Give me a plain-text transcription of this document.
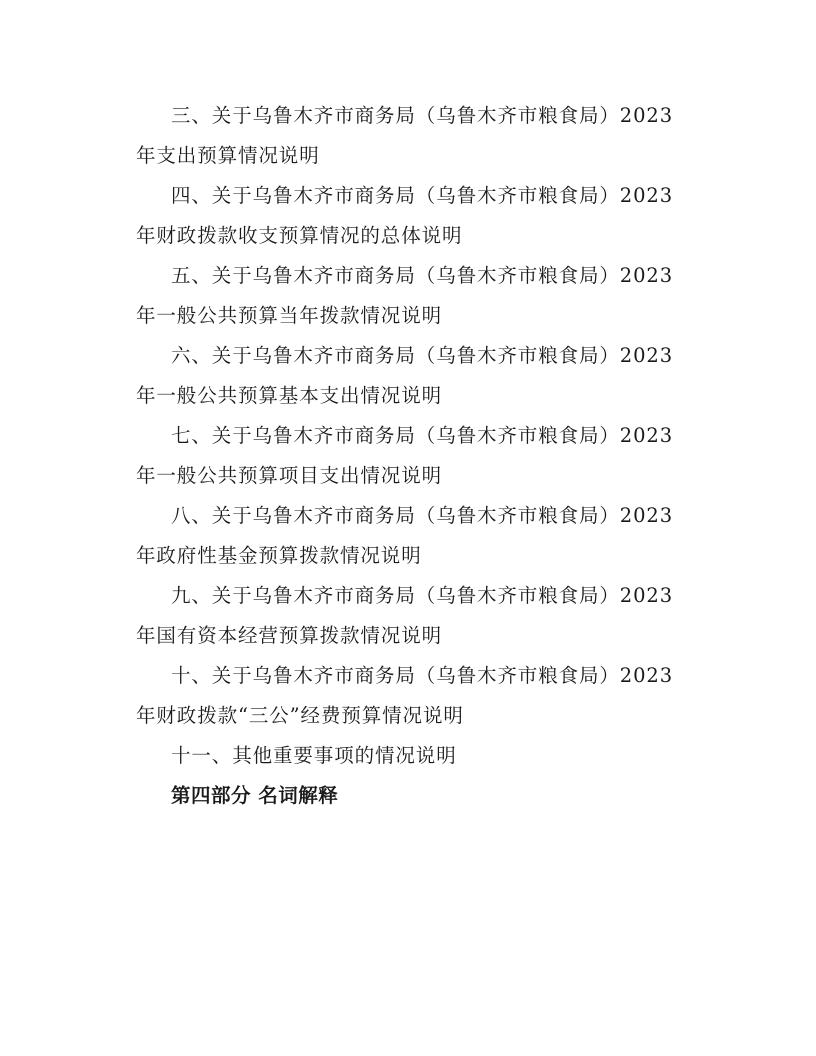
三、关于乌鲁木齐市商务局（乌鲁木齐市粮食局）2023
年支出预算情况说明
四、关于乌鲁木齐市商务局（乌鲁木齐市粮食局）2023
年财政拨款收支预算情况的总体说明
五、关于乌鲁木齐市商务局（乌鲁木齐市粮食局）2023
年一般公共预算当年拨款情况说明
六、关于乌鲁木齐市商务局（乌鲁木齐市粮食局）2023
年一般公共预算基本支出情况说明
七、关于乌鲁木齐市商务局（乌鲁木齐市粮食局）2023
年一般公共预算项目支出情况说明
八、关于乌鲁木齐市商务局（乌鲁木齐市粮食局）2023
年政府性基金预算拨款情况说明
九、关于乌鲁木齐市商务局（乌鲁木齐市粮食局）2023
年国有资本经营预算拨款情况说明
十、关于乌鲁木齐市商务局（乌鲁木齐市粮食局）2023
年财政拨款“三公”经费预算情况说明
十一、其他重要事项的情况说明
第四部分 名词解释
